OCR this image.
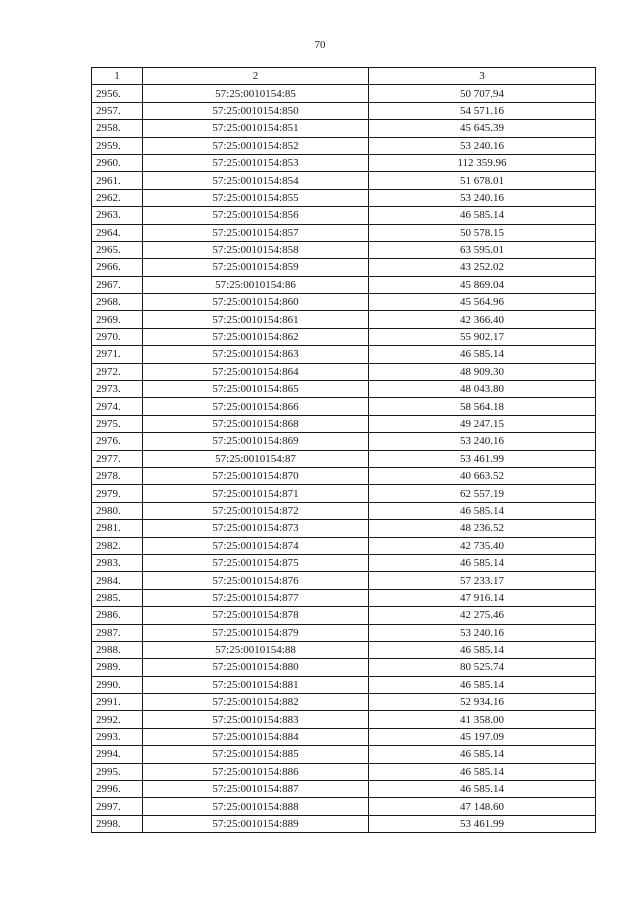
70
1	2	3
2956.	57:25:0010154:85	50 707.94
2957.	57:25:0010154:850	54 571.16
2958.	57:25:0010154:851	45 645.39
2959.	57:25:0010154:852	53 240.16
2960.	57:25:0010154:853	112 359.96
2961.	57:25:0010154:854	51 678.01
2962.	57:25:0010154:855	53 240.16
2963.	57:25:0010154:856	46 585.14
2964.	57:25:0010154:857	50 578.15
2965.	57:25:0010154:858	63 595.01
2966.	57:25:0010154:859	43 252.02
2967.	57:25:0010154:86	45 869.04
2968.	57:25:0010154:860	45 564.96
2969.	57:25:0010154:861	42 366.40
2970.	57:25:0010154:862	55 902.17
2971.	57:25:0010154:863	46 585.14
2972.	57:25:0010154:864	48 909.30
2973.	57:25:0010154:865	48 043.80
2974.	57:25:0010154:866	58 564.18
2975.	57:25:0010154:868	49 247.15
2976.	57:25:0010154:869	53 240.16
2977.	57:25:0010154:87	53 461.99
2978.	57:25:0010154:870	40 663.52
2979.	57:25:0010154:871	62 557.19
2980.	57:25:0010154:872	46 585.14
2981.	57:25:0010154:873	48 236.52
2982.	57:25:0010154:874	42 735.40
2983.	57:25:0010154:875	46 585.14
2984.	57:25:0010154:876	57 233.17
2985.	57:25:0010154:877	47 916.14
2986.	57:25:0010154:878	42 275.46
2987.	57:25:0010154:879	53 240.16
2988.	57:25:0010154:88	46 585.14
2989.	57:25:0010154:880	80 525.74
2990.	57:25:0010154:881	46 585.14
2991.	57:25:0010154:882	52 934.16
2992.	57:25:0010154:883	41 358.00
2993.	57:25:0010154:884	45 197.09
2994.	57:25:0010154:885	46 585.14
2995.	57:25:0010154:886	46 585.14
2996.	57:25:0010154:887	46 585.14
2997.	57:25:0010154:888	47 148.60
2998.	57:25:0010154:889	53 461.99
